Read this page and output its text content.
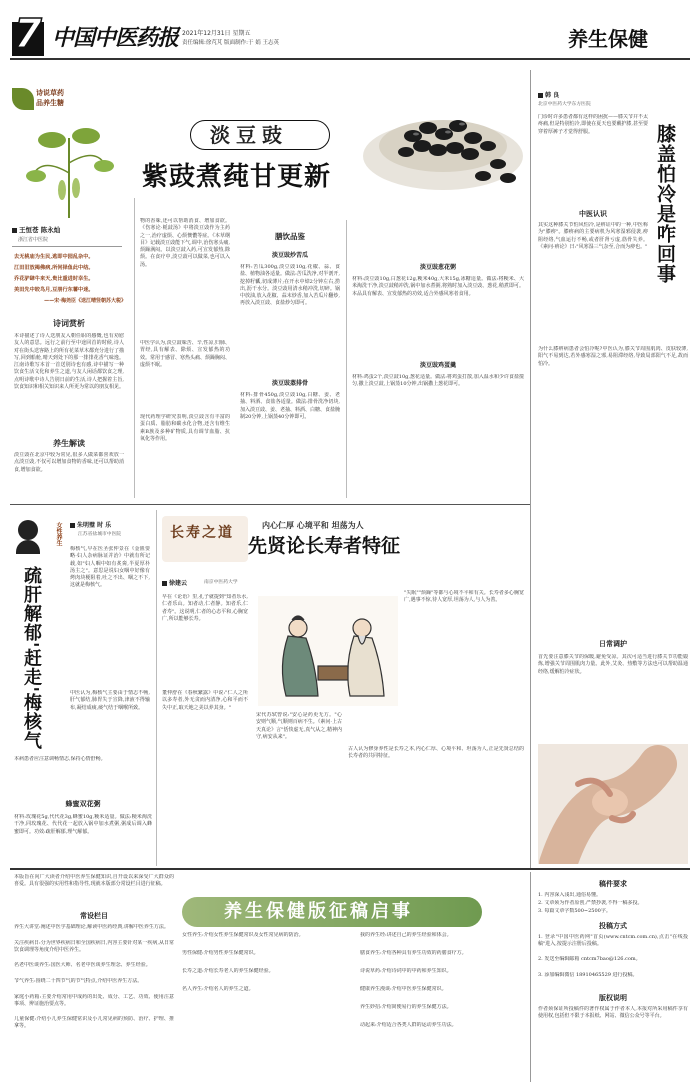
7 中国中医药报 2021年12月31日 星期五
责任编辑:徐芃芃 版面制作:于 娟 王志英	养生保健
诗说草药
品养生糖
王恒苍 陈永灿
浙江省中医院
去无桃庙为生民,逃即中园乱杂中。
江田旧放揭佛病,所何择鱼此中结。
乔花驴肆牛来天,贵比重进时幸生。
美田先中皎鸟月,豆朋行东薯中迷。
——宋·梅尧臣《送江晴竖朝苏大税》
诗词赏析
本诗描述了诗人送朋友入朝任职的感慨,也有劝慰友人的意思。远行之前行至中途回首的时候,诗人对在街头送客路上的所有花菜草木都充分进行了描写,回到船舱,晴天到处下的那一排排花香气味逸。江南诗歌写本首一首送别诗也有感,诗中描写一种饮食生活文化和养生之道,与友人闲话都饮食之理,点明诗歌中诗人告别日前的生活,诗人把握着主旨,饮食知识和相关知识来人所更为常以的朋友相见。
养生解读
淡豆豉在北京中较为常见,很多人做菜都喜欢放一点淡豆豉,不仅可以增加食物的香味,还可以帮助消食,增加食欲。
淡豆豉
紫豉煮莼甘更新
物的香味,还可以帮助消食、增加食欲。《伤寒论·栀豉汤》中将淡豆豉作为主药之一,治疗虚烦、心烦懊憹等症。《本草纲目》记载淡豆豉能下气,调中,治伤寒头痛,烦躁满闷。以淡豆豉入药,可宣发郁热,除烦。在食疗中,淡豆豉可以做菜,也可以入汤。
中医学认为,淡豆豉味苦、辛,性凉,归肺、胃经,具有解表、除烦、宣发郁热的功效。常用于感冒、寒热头痛、烦躁胸闷、虚烦不眠。
现代药理学研究表明,淡豆豉含有丰富的蛋白质、脂肪和碳水化合物,还含有维生素B族及多种矿物质,具有调节血脂、抗氧化等作用。
膳饮品鉴
淡豆豉炒苦瓜
材料:苦瓜300g,淡豆豉10g,花椒、蒜、食盐、植物油各适量。做法:苦瓜洗净,对半剖开,挖掉籽瓤,切成薄片;在开水中焯2分钟左右,捞出,沥干水分。淡豆豉用清水稍冲洗,切碎。锅中放油,放入花椒、蒜末炒香,加入苦瓜片翻炒,再放入淡豆豉、食盐炒匀即可。
淡豆豉蒸排骨
材料:排骨450g,淡豆豉10g,白糖、姜、老抽、料酒、食盐各适量。做法:排骨洗净切块,加入淡豆豉、姜、老抽、料酒、白糖、食盐腌制20分钟,上锅蒸40分钟即可。
淡豆豉葱花粥
材料:淡豆豉10g,白葱花12g,粳米40g,大米15g,冰糖适量。做法:将粳米、大米淘洗干净,淡豆豉稍冲洗,锅中加水煮粥,将熟时加入淡豆豉、葱花,稍煮即可。本品具有解表、宣发郁热的功效,适合外感风寒者食用。
淡豆豉鸡蛋羹
材料:鸡蛋2个,淡豆豉10g,葱花适量。做法:将鸡蛋打散,加入温水和少许食盐搅匀,撒上淡豆豉,上锅蒸10分钟,出锅撒上葱花即可。
韩 良
北京中医药大学东方医院
门诊时许多患者都有这样的困扰——膝关节并不太疼痛,但是特别怕冷,即使在夏天也要戴护膝,甚至要穿着厚裤子才觉得舒服。	膝盖怕冷是咋回事
中医认识
其实这种膝关节怕风怕冷,是痹证中的一种,中医称为"膝痹"。膝痹病的主要病机为风寒湿邪侵袭,痹阻经络,气血运行不畅,或者肝肾亏虚,筋骨失养。《素问·痹论》曰:"风寒湿三气杂至,合而为痹也。"
为什么膝痹病患者会怕冷呢?中医认为,膝关节周围肌肉、皮肤较薄,阳气不易到达,若外感寒湿之邪,易阻滞经络,导致局部阳气不足,故而怕冷。
日常调护
首先要注意膝关节的保暖,避免受凉。其次可适当进行膝关节功能锻炼,增强关节周围肌肉力量。此外,艾灸、热敷等方法也可以帮助温通经络,缓解怕冷症状。
女性养生	朱明璧 时 乐
江苏省盐城市中医院
疏肝解郁'赶走'梅核气
梅核气,早在医圣张仲景在《金匮要略·妇人杂病脉证并治》中就有所记载,如"妇人咽中如有炙脔,半夏厚朴汤主之"。意思是说妇女咽中好像有烤肉块梗阻着,吐之不出、咽之不下,这就是梅核气。
中医认为,梅核气主要由于情志不畅,肝气郁结,肺胃失于宣降,津液不得输布,凝结成痰,痰气结于咽喉所致。
本病患者应注意调畅情志,保持心情舒畅。
蜂蜜双花粥
材料:玫瑰花5g,代代花3g,蜂蜜10g,粳米适量。做法:粳米淘洗干净,同玫瑰花、代代花一起放入锅中加水煮粥,粥成后调入蜂蜜即可。功效:疏肝解郁,理气解郁。
长寿之道	内心仁厚 心境平和 坦荡为人
先贤论长寿者特征
徐建云	南京中医药大学
早在《论语》里,孔子就提到"知者乐水,仁者乐山。知者动,仁者静。知者乐,仁者寿"。这说明,仁者的心态平和,心胸宽广,所以能够长寿。
董仲舒在《春秋繁露》中说:"仁人之所以多寿者,外无贪而内清净,心和平而不失中正,取天地之美以养其身。"
宋代苏轼曾说:"安心是药更无方。"心安则气顺,气顺则百病不生。《素问·上古天真论》言"恬惔虚无,真气从之,精神内守,病安从来"。
"失眠""烦躁"等都与心境不平和有关。长寿者多心胸宽广,遇事不惊,待人宽厚,坦荡为人,与人为善。
古人认为修身养性是长寿之本,内心仁厚、心境平和、坦荡为人,正是先贤总结的长寿者的共同特征。
养生保健版征稿启事
本版旨在向广大读者介绍中医养生保健知识,自开设以来深受广大群众的喜爱。具有很强的实用性和指导性,现就本版部分常设栏目进行征稿。
常设栏目
养生大讲堂:阐述中医学基础理论,解读中医药经典,讲解中医养生方法。
关注疾病日:分为世界疾病日和全国疾病日,内容主要针对某一疾病,从日常饮食调理等角度介绍中医养生。
名老中医谈养生:国医大师、名老中医谈养生理念、养生经验。
节气养生:围绕二十四节气的节气特点,介绍中医养生方法。
家庭小药箱:主要介绍常用中成药的出处、成分、工艺、功效、使用注意事项、辨证施治要点等。
儿童保健:介绍小儿养生保健常识及小儿常见病的预防、治疗、护理、推拿等。
女性养生:介绍女性养生保健常识及女性常见病的防治。
男性保健:介绍男性养生保健常识。
长寿之道:介绍长寿老人的养生保健经验。
名人养生:介绍名人的养生之道。
我的养生经:讲述自己的养生经验和体会。
膳食养生:介绍各种具有养生功效的药膳食疗方。
诗说草药:介绍诗词中的中药和养生知识。
健康养生漫谈:介绍中医养生保健常识。
养生妙招:介绍简便易行的养生保健方法。
动起来:介绍适合各类人群的运动养生功法。
稿件要求
1. 内容深入浅出,通俗易懂。
2. 文章须为作者原创,严禁抄袭,不得一稿多投。
3. 每篇文章字数500~2500字。
投稿方式
1. 登录"中国中医药网"首页(www.cntcm.com.cn),点击"在线投稿"进入,按提示注册后投稿。
2. 发送至编辑邮箱 cntcm7bao@126.com。
3. 添加编辑微信 18910465529 进行投稿。
版权说明
作者须保证所投稿件的著作权属于作者本人,本报对所采用稿件享有使用权,包括但不限于本报纸、网站、微信公众号等平台。
